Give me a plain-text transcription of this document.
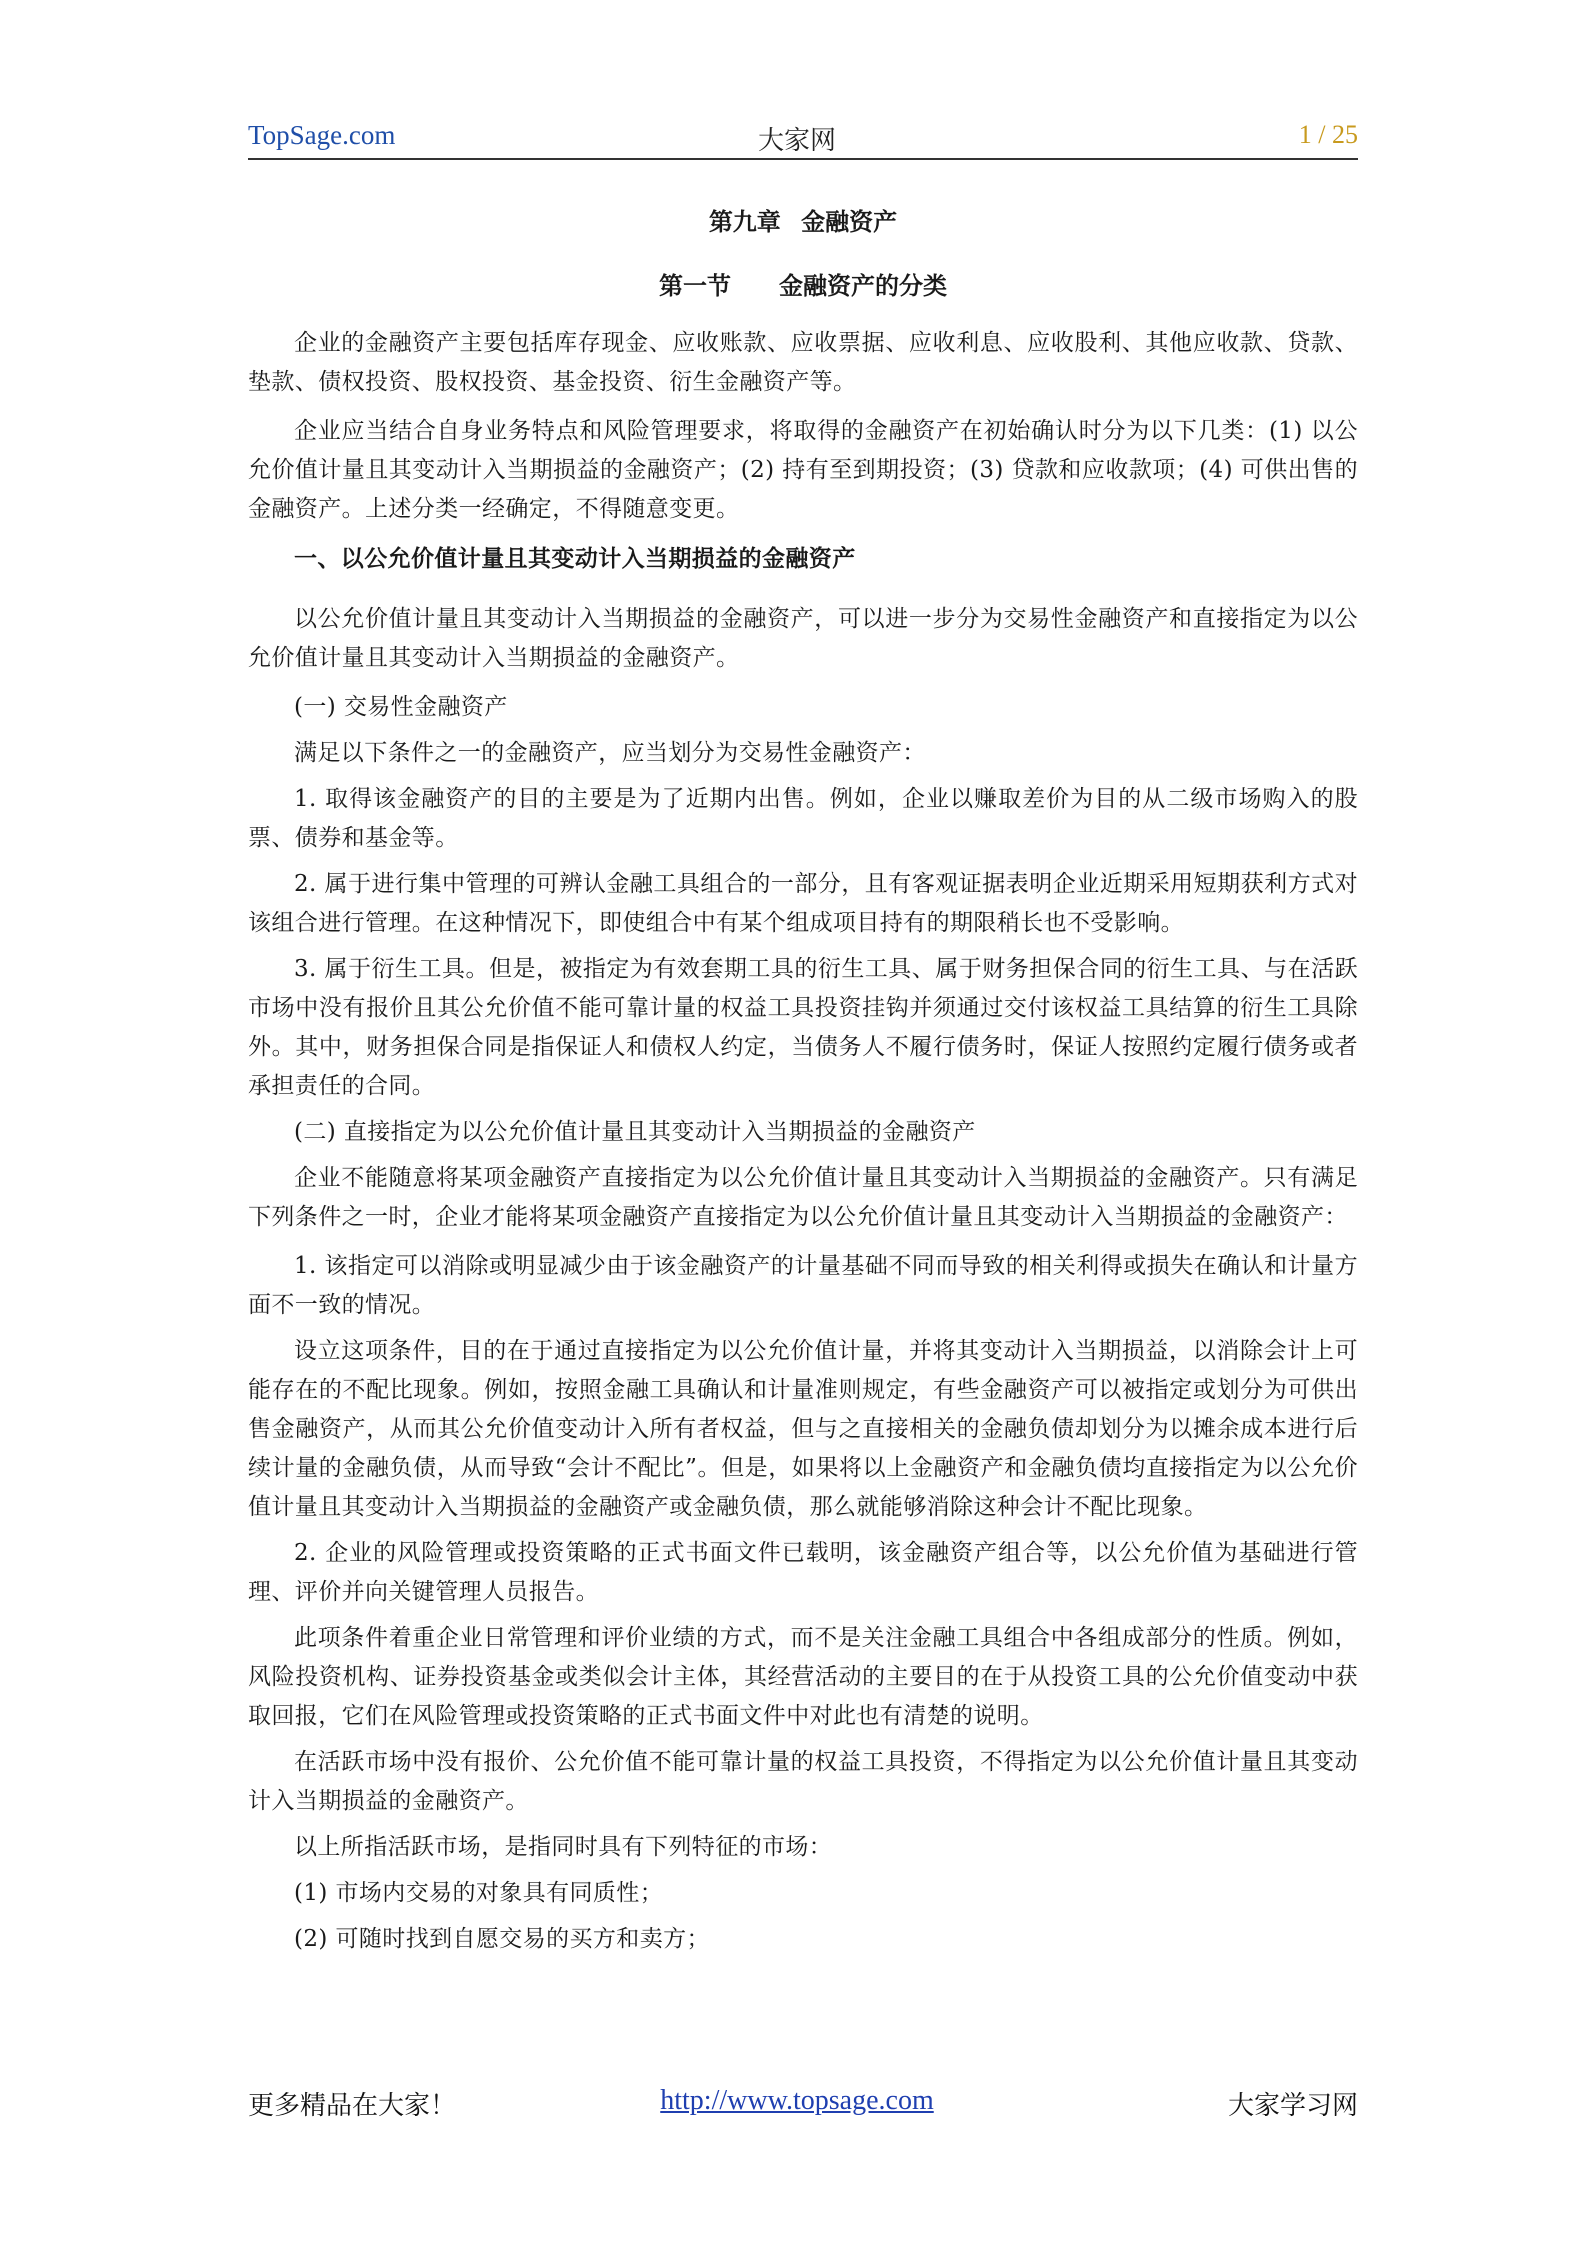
TopSage.com	大家网	1 / 25
第九章 金融资产
第一节　　金融资产的分类

企业的金融资产主要包括库存现金、应收账款、应收票据、应收利息、应收股利、其他应收款、贷款、垫款、债权投资、股权投资、基金投资、衍生金融资产等。

企业应当结合自身业务特点和风险管理要求，将取得的金融资产在初始确认时分为以下几类：(1) 以公允价值计量且其变动计入当期损益的金融资产；(2) 持有至到期投资；(3) 贷款和应收款项；(4) 可供出售的金融资产。上述分类一经确定，不得随意变更。

一、以公允价值计量且其变动计入当期损益的金融资产

以公允价值计量且其变动计入当期损益的金融资产，可以进一步分为交易性金融资产和直接指定为以公允价值计量且其变动计入当期损益的金融资产。

(一) 交易性金融资产

满足以下条件之一的金融资产，应当划分为交易性金融资产：

1. 取得该金融资产的目的主要是为了近期内出售。例如，企业以赚取差价为目的从二级市场购入的股票、债券和基金等。

2. 属于进行集中管理的可辨认金融工具组合的一部分，且有客观证据表明企业近期采用短期获利方式对该组合进行管理。在这种情况下，即使组合中有某个组成项目持有的期限稍长也不受影响。

3. 属于衍生工具。但是，被指定为有效套期工具的衍生工具、属于财务担保合同的衍生工具、与在活跃市场中没有报价且其公允价值不能可靠计量的权益工具投资挂钩并须通过交付该权益工具结算的衍生工具除外。其中，财务担保合同是指保证人和债权人约定，当债务人不履行债务时，保证人按照约定履行债务或者承担责任的合同。

(二) 直接指定为以公允价值计量且其变动计入当期损益的金融资产

企业不能随意将某项金融资产直接指定为以公允价值计量且其变动计入当期损益的金融资产。只有满足下列条件之一时，企业才能将某项金融资产直接指定为以公允价值计量且其变动计入当期损益的金融资产：

1. 该指定可以消除或明显减少由于该金融资产的计量基础不同而导致的相关利得或损失在确认和计量方面不一致的情况。

设立这项条件，目的在于通过直接指定为以公允价值计量，并将其变动计入当期损益，以消除会计上可能存在的不配比现象。例如，按照金融工具确认和计量准则规定，有些金融资产可以被指定或划分为可供出售金融资产，从而其公允价值变动计入所有者权益，但与之直接相关的金融负债却划分为以摊余成本进行后续计量的金融负债，从而导致“会计不配比”。但是，如果将以上金融资产和金融负债均直接指定为以公允价值计量且其变动计入当期损益的金融资产或金融负债，那么就能够消除这种会计不配比现象。

2. 企业的风险管理或投资策略的正式书面文件已载明，该金融资产组合等，以公允价值为基础进行管理、评价并向关键管理人员报告。

此项条件着重企业日常管理和评价业绩的方式，而不是关注金融工具组合中各组成部分的性质。例如，风险投资机构、证券投资基金或类似会计主体，其经营活动的主要目的在于从投资工具的公允价值变动中获取回报，它们在风险管理或投资策略的正式书面文件中对此也有清楚的说明。

在活跃市场中没有报价、公允价值不能可靠计量的权益工具投资，不得指定为以公允价值计量且其变动计入当期损益的金融资产。

以上所指活跃市场，是指同时具有下列特征的市场：

(1) 市场内交易的对象具有同质性；

(2) 可随时找到自愿交易的买方和卖方；

更多精品在大家！	http://www.topsage.com	大家学习网
